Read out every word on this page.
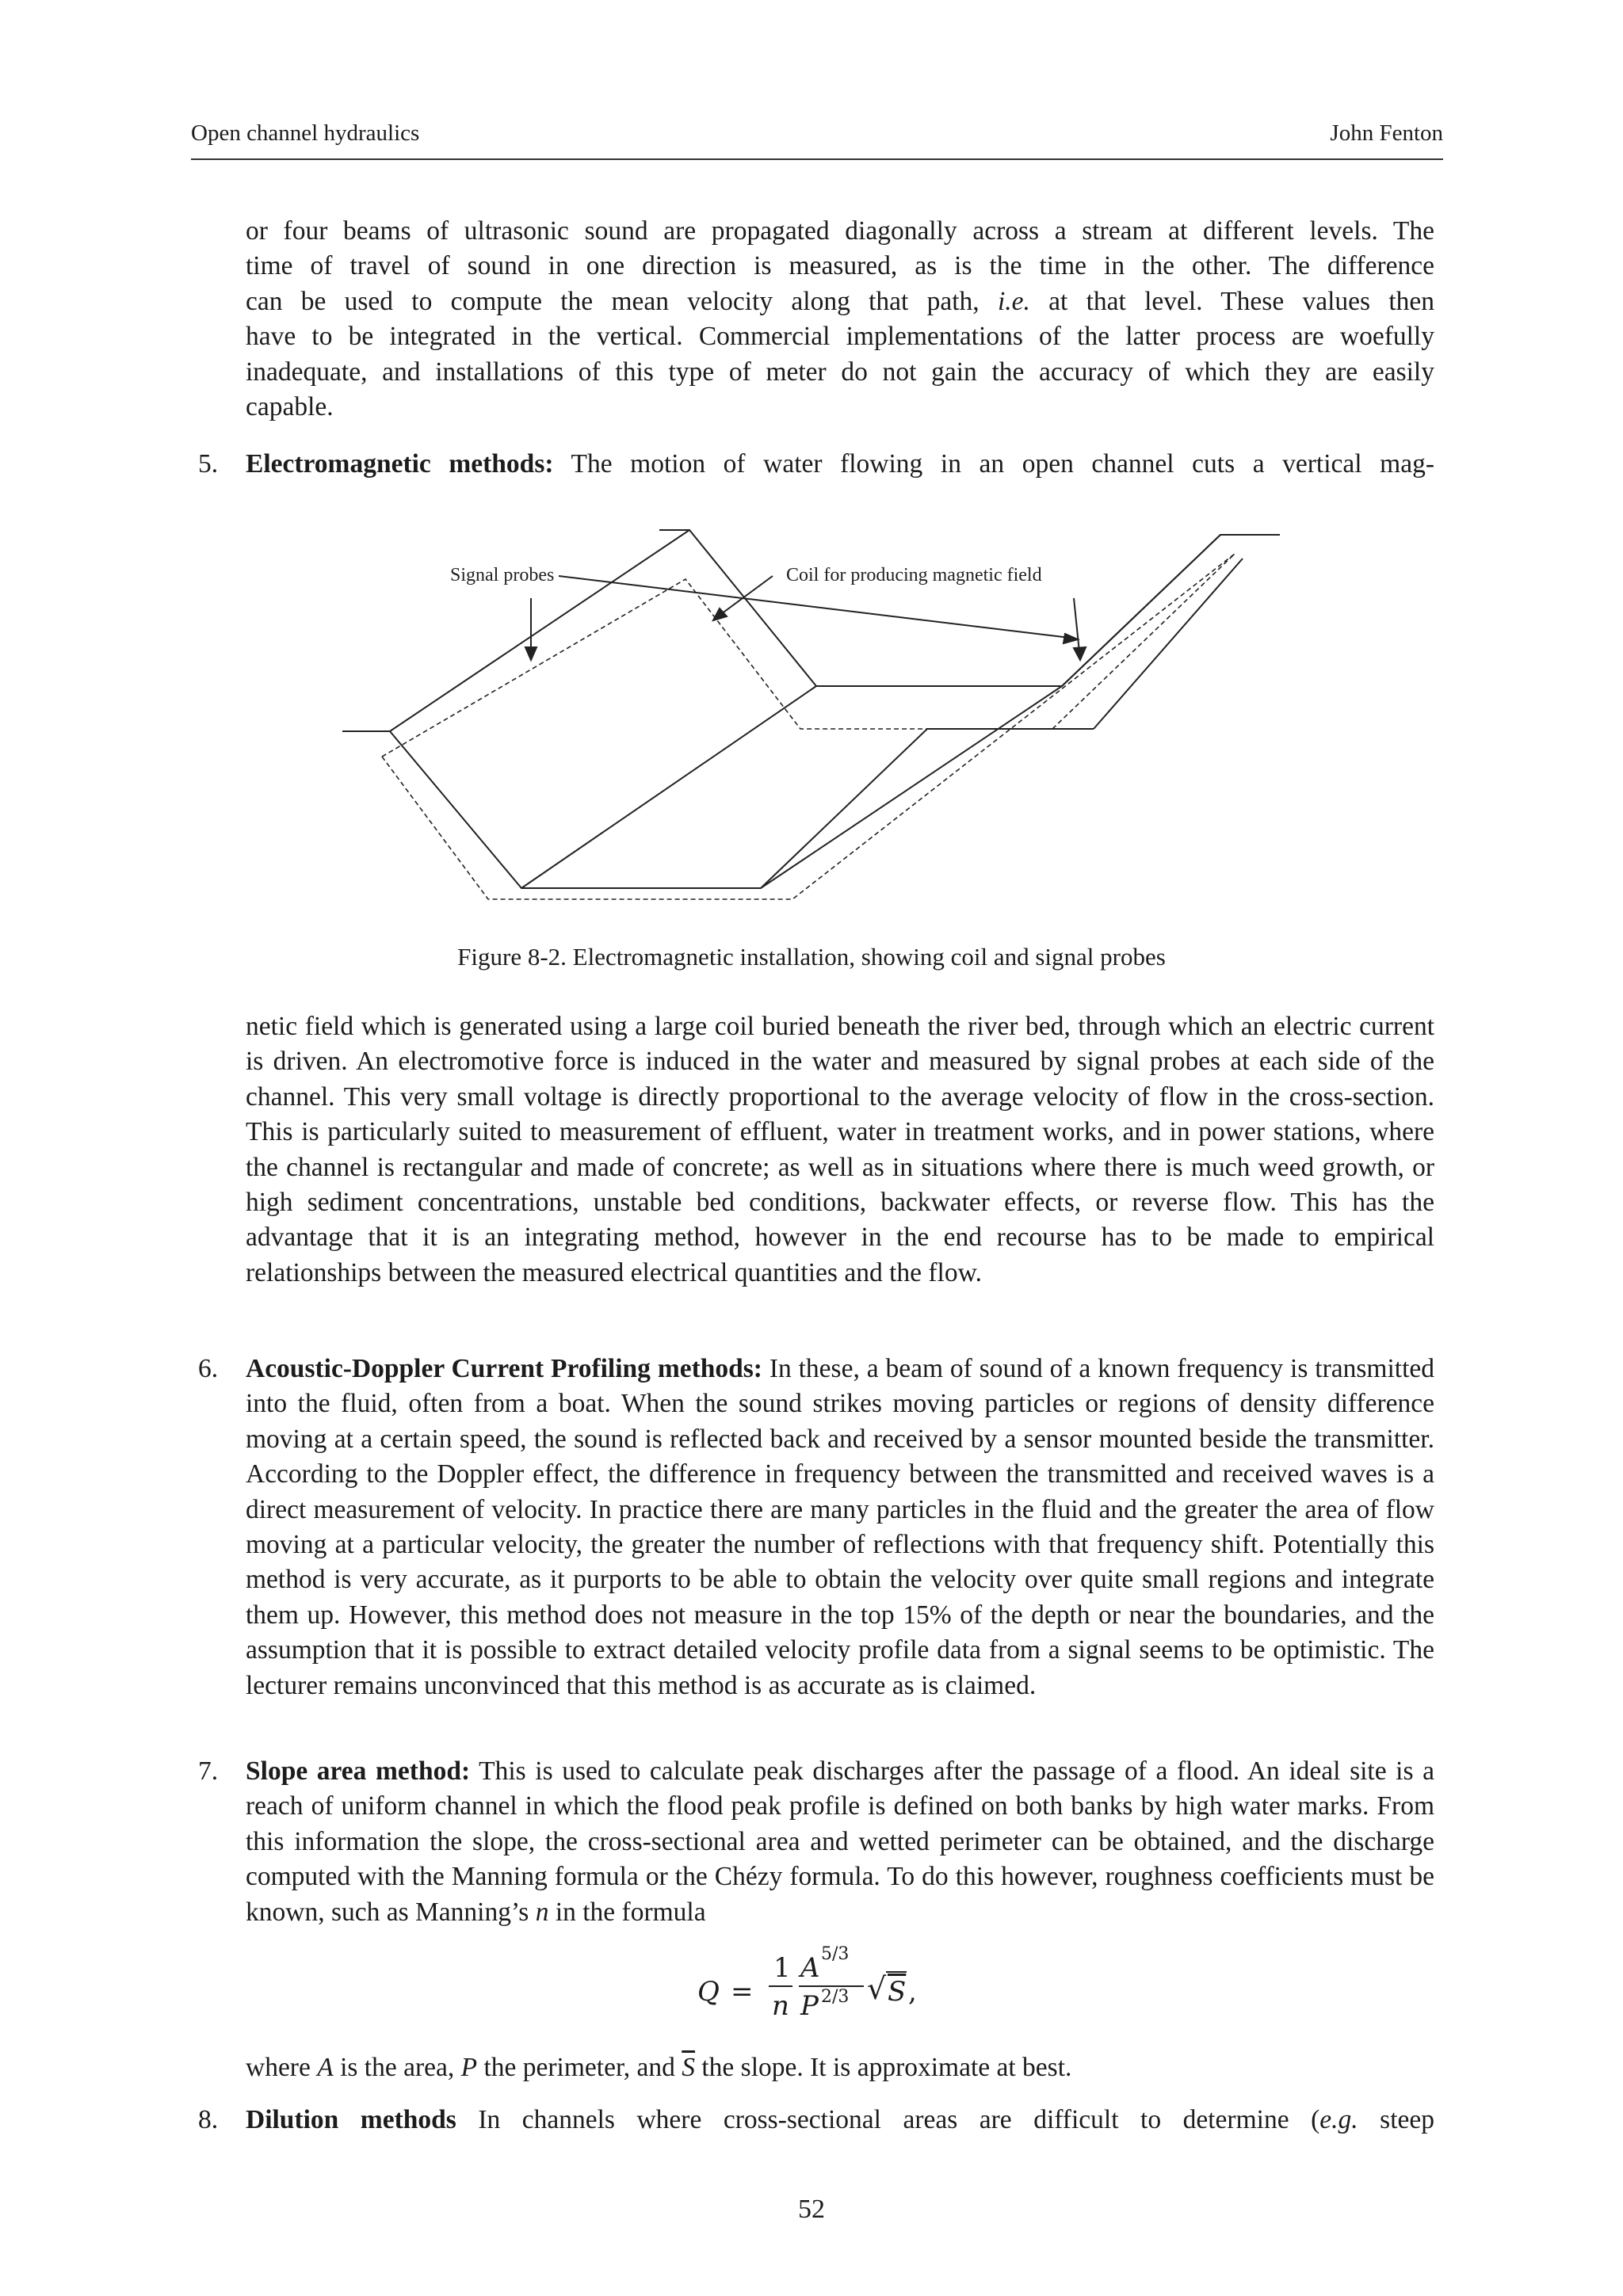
Open channel hydraulics	John Fenton

or four beams of ultrasonic sound are propagated diagonally across a stream at different levels. The

time of travel of sound in one direction is measured, as is the time in the other. The difference

can be used to compute the mean velocity along that path, i.e. at that level. These values then

have to be integrated in the vertical. Commercial implementations of the latter process are woefully

inadequate, and installations of this type of meter do not gain the accuracy of which they are easily

capable.

5.	Electromagnetic methods: The motion of water flowing in an open channel cuts a vertical mag-
Signal probes	Coil for producing magnetic field
Figure 8-2. Electromagnetic installation, showing coil and signal probes
netic field which is generated using a large coil buried beneath the river bed, through which an electric current is driven. An electromotive force is induced in the water and measured by signal probes at each side of the channel. This very small voltage is directly proportional to the average velocity of flow in the cross-section. This is particularly suited to measurement of effluent, water in treatment works, and in power stations, where the channel is rectangular and made of concrete; as well as in situations where there is much weed growth, or high sediment concentrations, unstable bed conditions, backwater effects, or reverse flow. This has the advantage that it is an integrating method, however in the end recourse has to be made to empirical relationships between the measured electrical quantities and the flow.
6.	Acoustic-Doppler Current Profiling methods: In these, a beam of sound of a known frequency is transmitted into the fluid, often from a boat. When the sound strikes moving particles or regions of density difference moving at a certain speed, the sound is reflected back and received by a sensor mounted beside the transmitter. According to the Doppler effect, the difference in frequency between the transmitted and received waves is a direct measurement of velocity. In practice there are many particles in the fluid and the greater the area of flow moving at a particular velocity, the greater the number of reflections with that frequency shift. Potentially this method is very accurate, as it purports to be able to obtain the velocity over quite small regions and integrate them up. However, this method does not measure in the top 15% of the depth or near the boundaries, and the assumption that it is possible to extract detailed velocity profile data from a signal seems to be optimistic. The lecturer remains unconvinced that this method is as accurate as is claimed.
7.	Slope area method: This is used to calculate peak discharges after the passage of a flood. An ideal site is a reach of uniform channel in which the flood peak profile is defined on both banks by high water marks. From this information the slope, the cross-sectional area and wetted perimeter can be obtained, and the discharge computed with the Manning formula or the Chézy formula. To do this however, roughness coefficients must be known, such as Manning’s n in the formula
Q =
1
n
A 5/3
P 2/3 √ S ,
where A is the area, P the perimeter, and $\overline{S}$ the slope. It is approximate at best.
8.	Dilution methods In channels where cross-sectional areas are difficult to determine (e.g. steep
52
